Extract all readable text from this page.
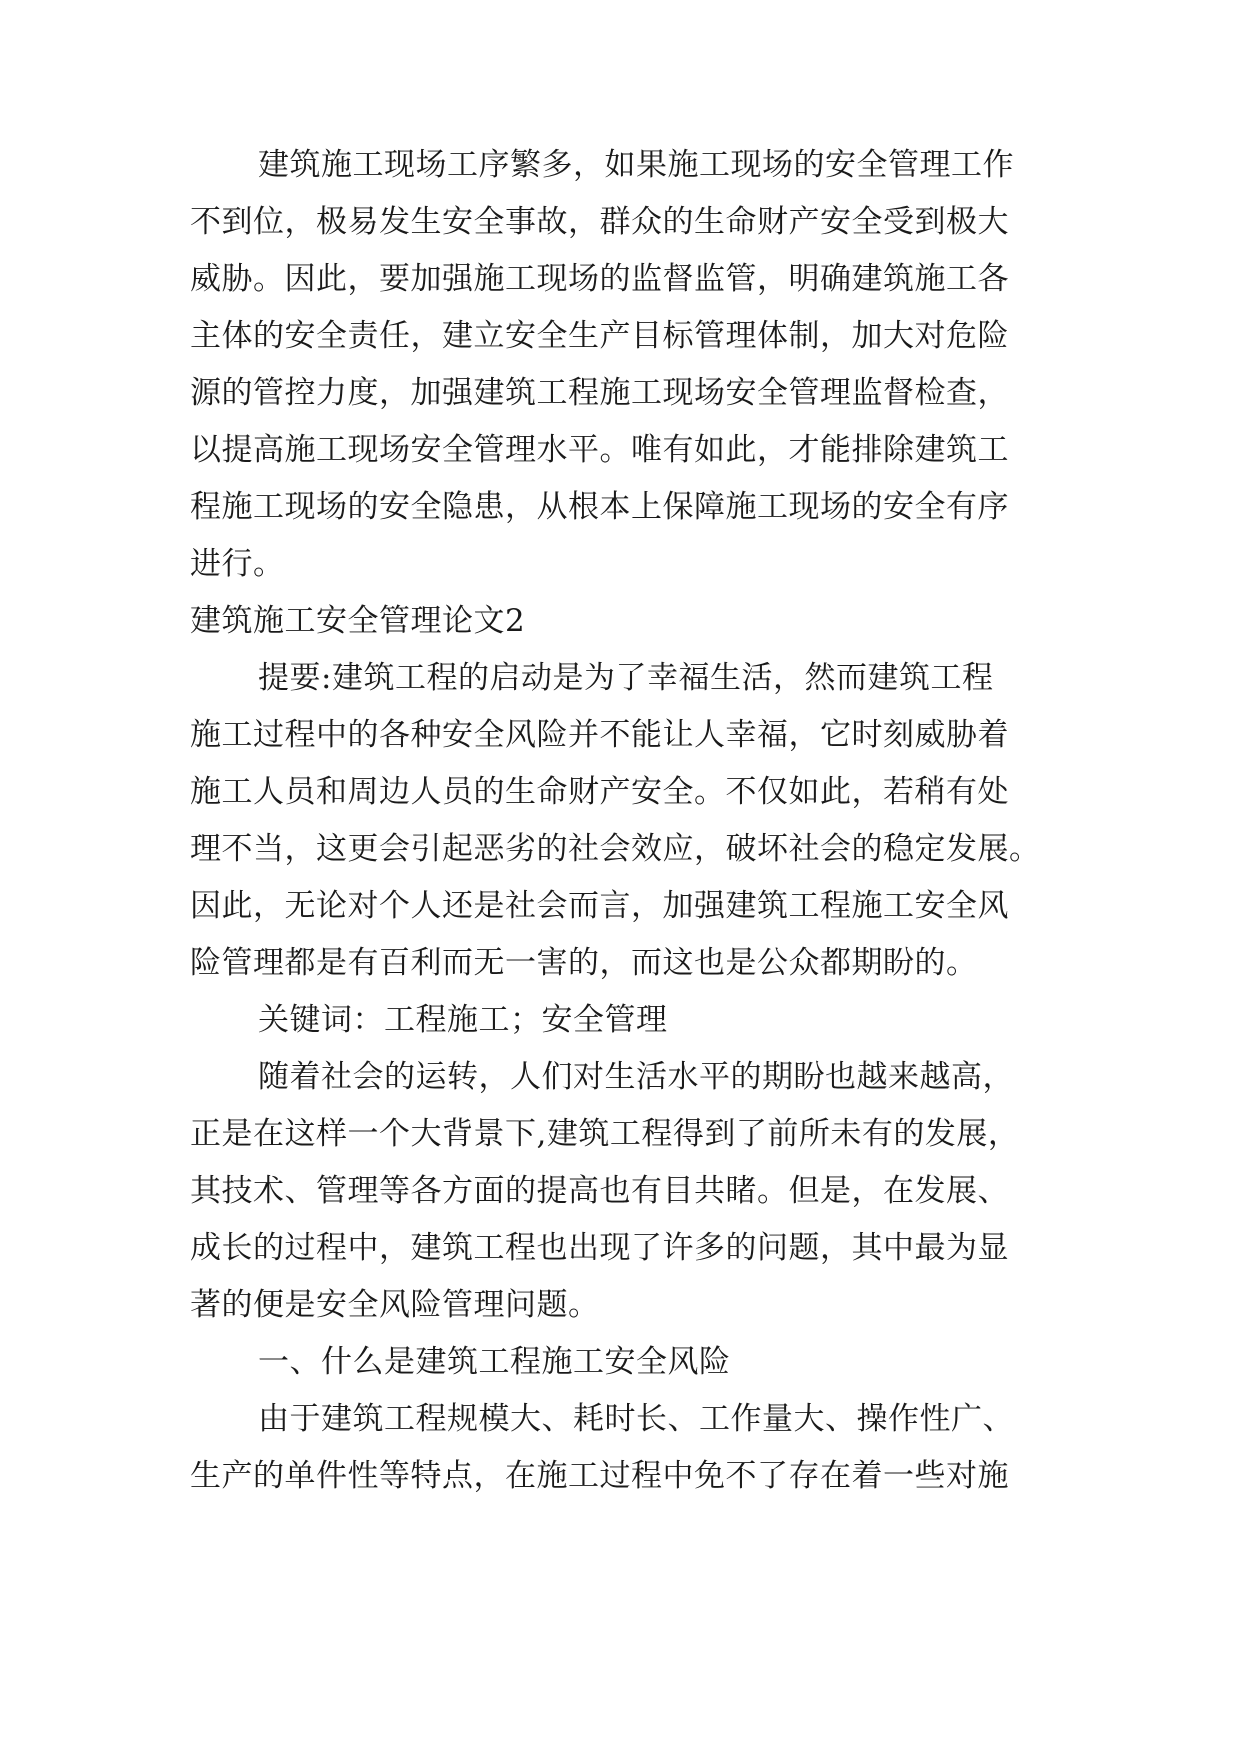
建筑施工现场工序繁多，如果施工现场的安全管理工作
不到位，极易发生安全事故，群众的生命财产安全受到极大
威胁。因此，要加强施工现场的监督监管，明确建筑施工各
主体的安全责任，建立安全生产目标管理体制，加大对危险
源的管控力度，加强建筑工程施工现场安全管理监督检查，
以提高施工现场安全管理水平。唯有如此，才能排除建筑工
程施工现场的安全隐患，从根本上保障施工现场的安全有序
进行。
建筑施工安全管理论文2
提要:建筑工程的启动是为了幸福生活，然而建筑工程
施工过程中的各种安全风险并不能让人幸福，它时刻威胁着
施工人员和周边人员的生命财产安全。不仅如此，若稍有处
理不当，这更会引起恶劣的社会效应，破坏社会的稳定发展。
因此，无论对个人还是社会而言，加强建筑工程施工安全风
险管理都是有百利而无一害的，而这也是公众都期盼的。
关键词：工程施工；安全管理
随着社会的运转，人们对生活水平的期盼也越来越高，
正是在这样一个大背景下,建筑工程得到了前所未有的发展，
其技术、管理等各方面的提高也有目共睹。但是，在发展、
成长的过程中，建筑工程也出现了许多的问题，其中最为显
著的便是安全风险管理问题。
一、什么是建筑工程施工安全风险
由于建筑工程规模大、耗时长、工作量大、操作性广、
生产的单件性等特点，在施工过程中免不了存在着一些对施
